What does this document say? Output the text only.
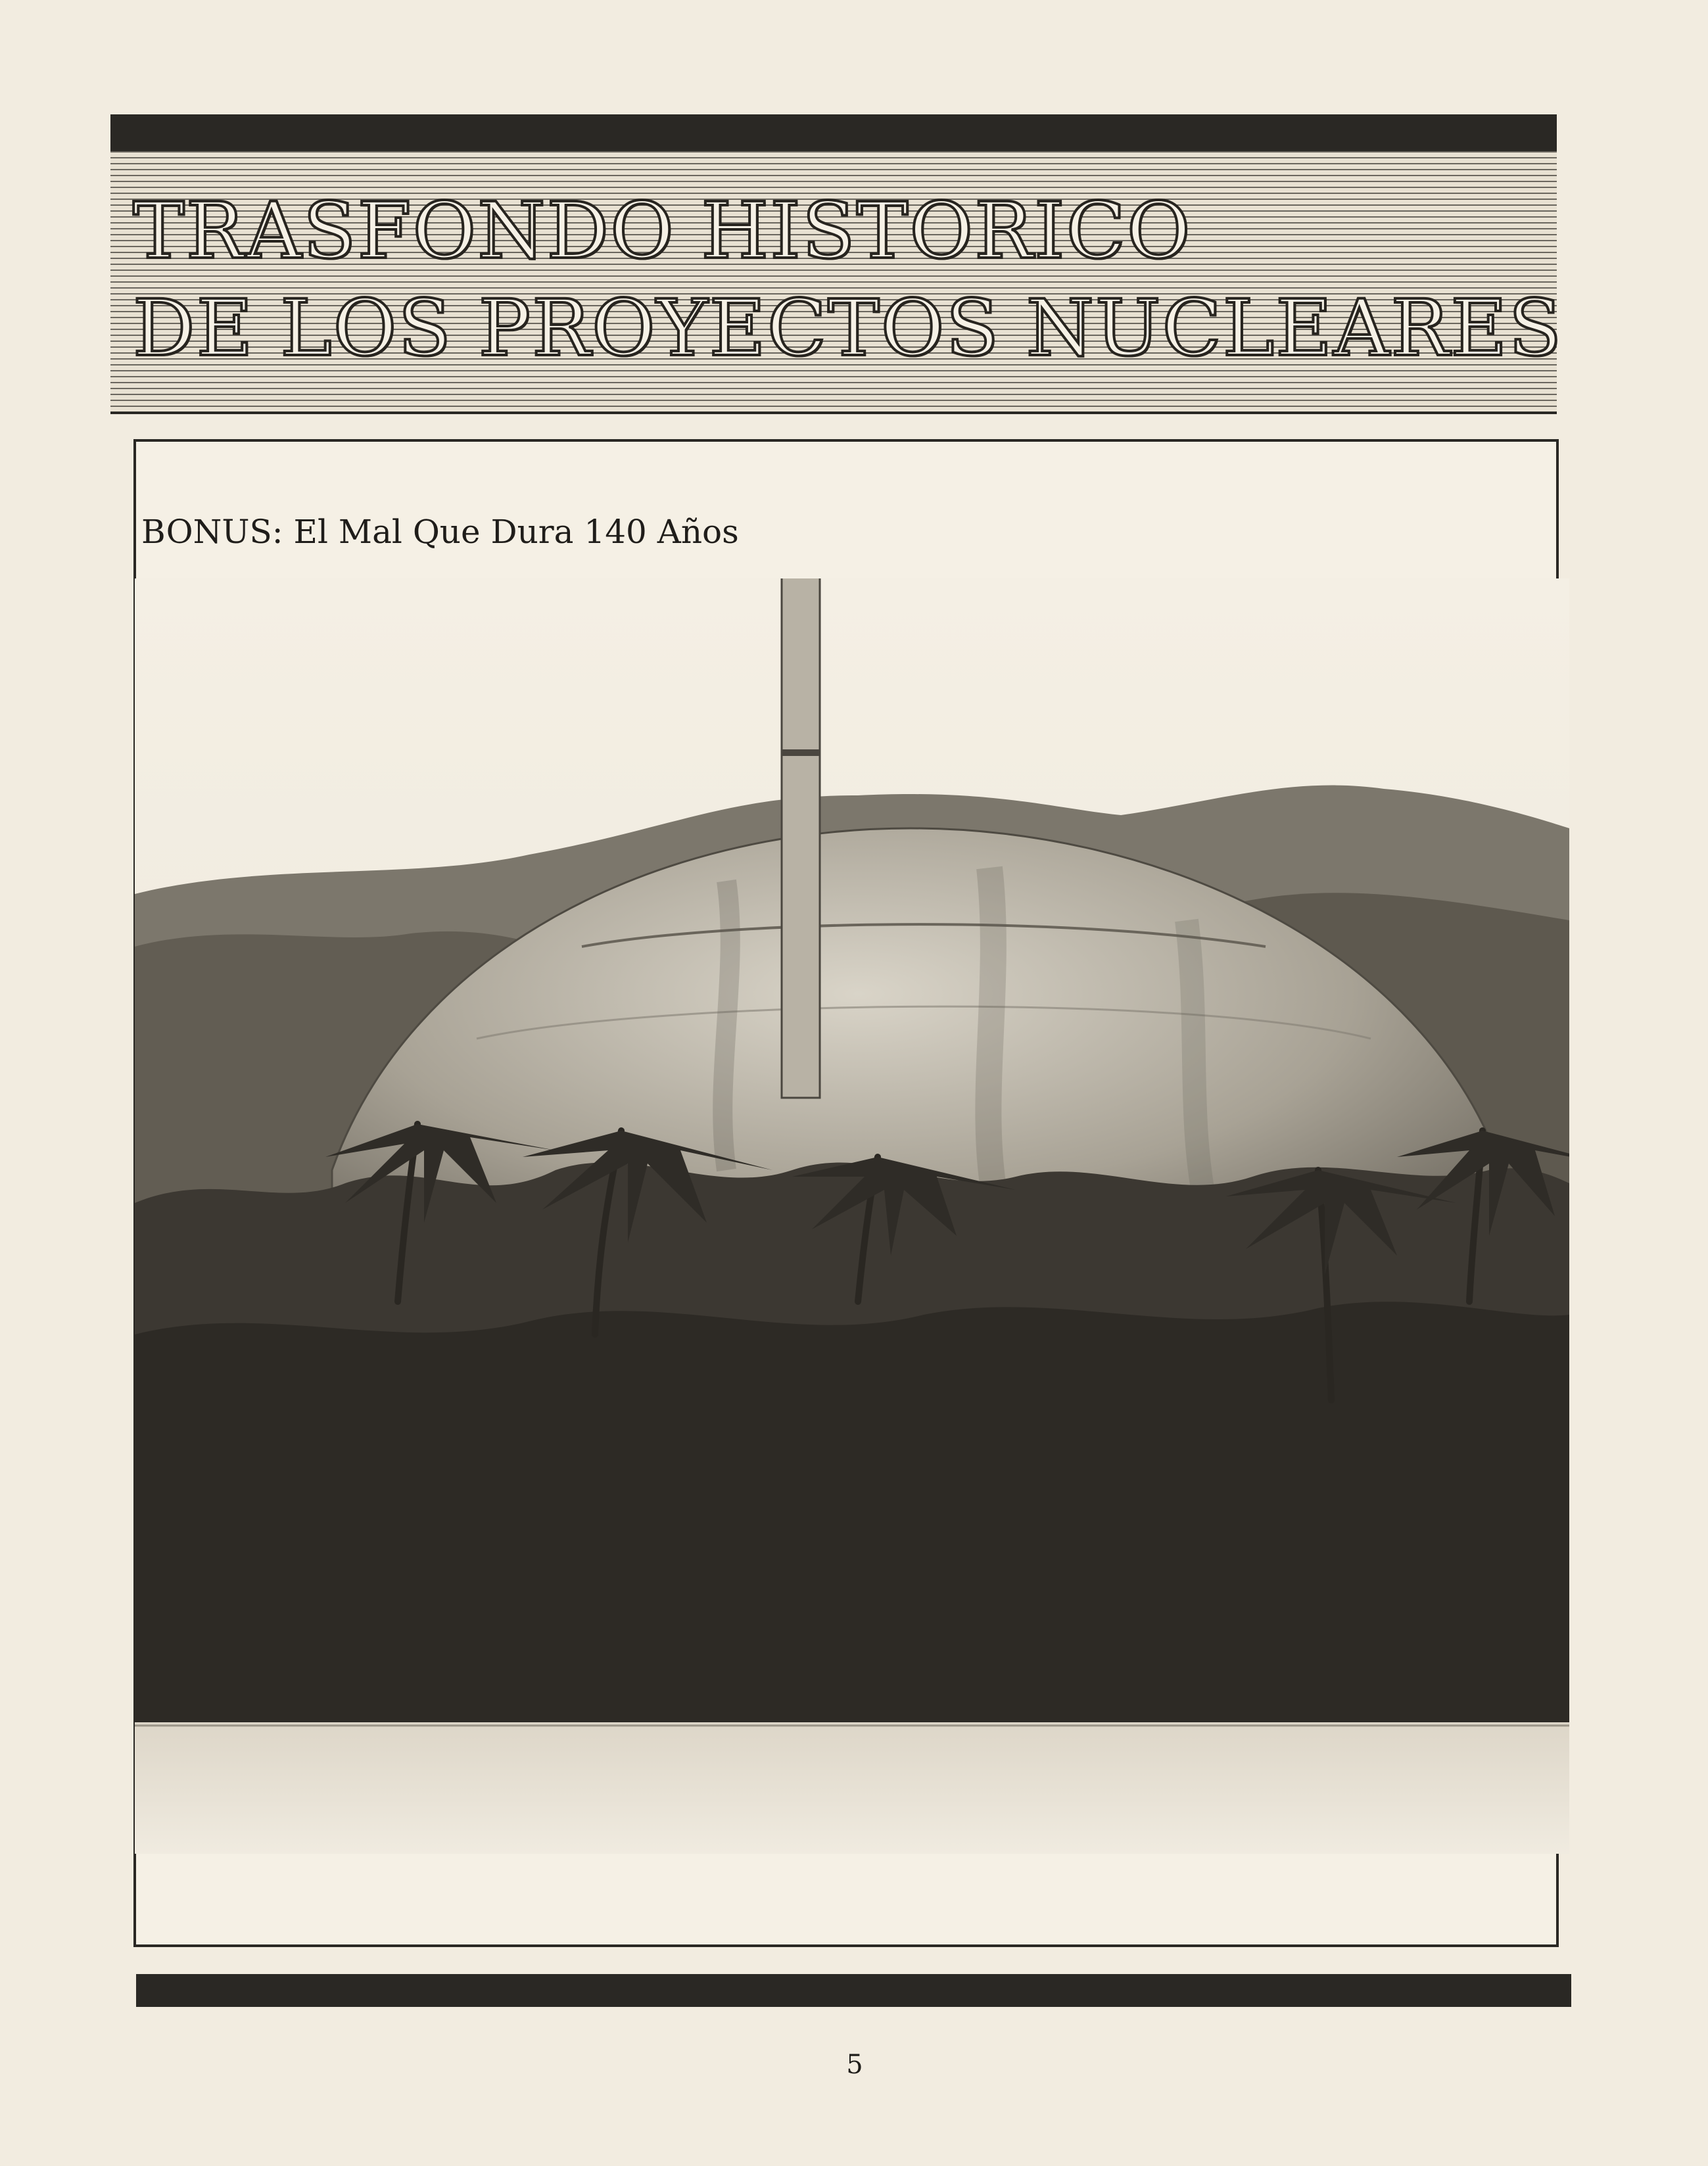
TRASFONDO HISTORICO
DE LOS PROYECTOS NUCLEARES
BONUS: El Mal Que Dura 140 Años
5
